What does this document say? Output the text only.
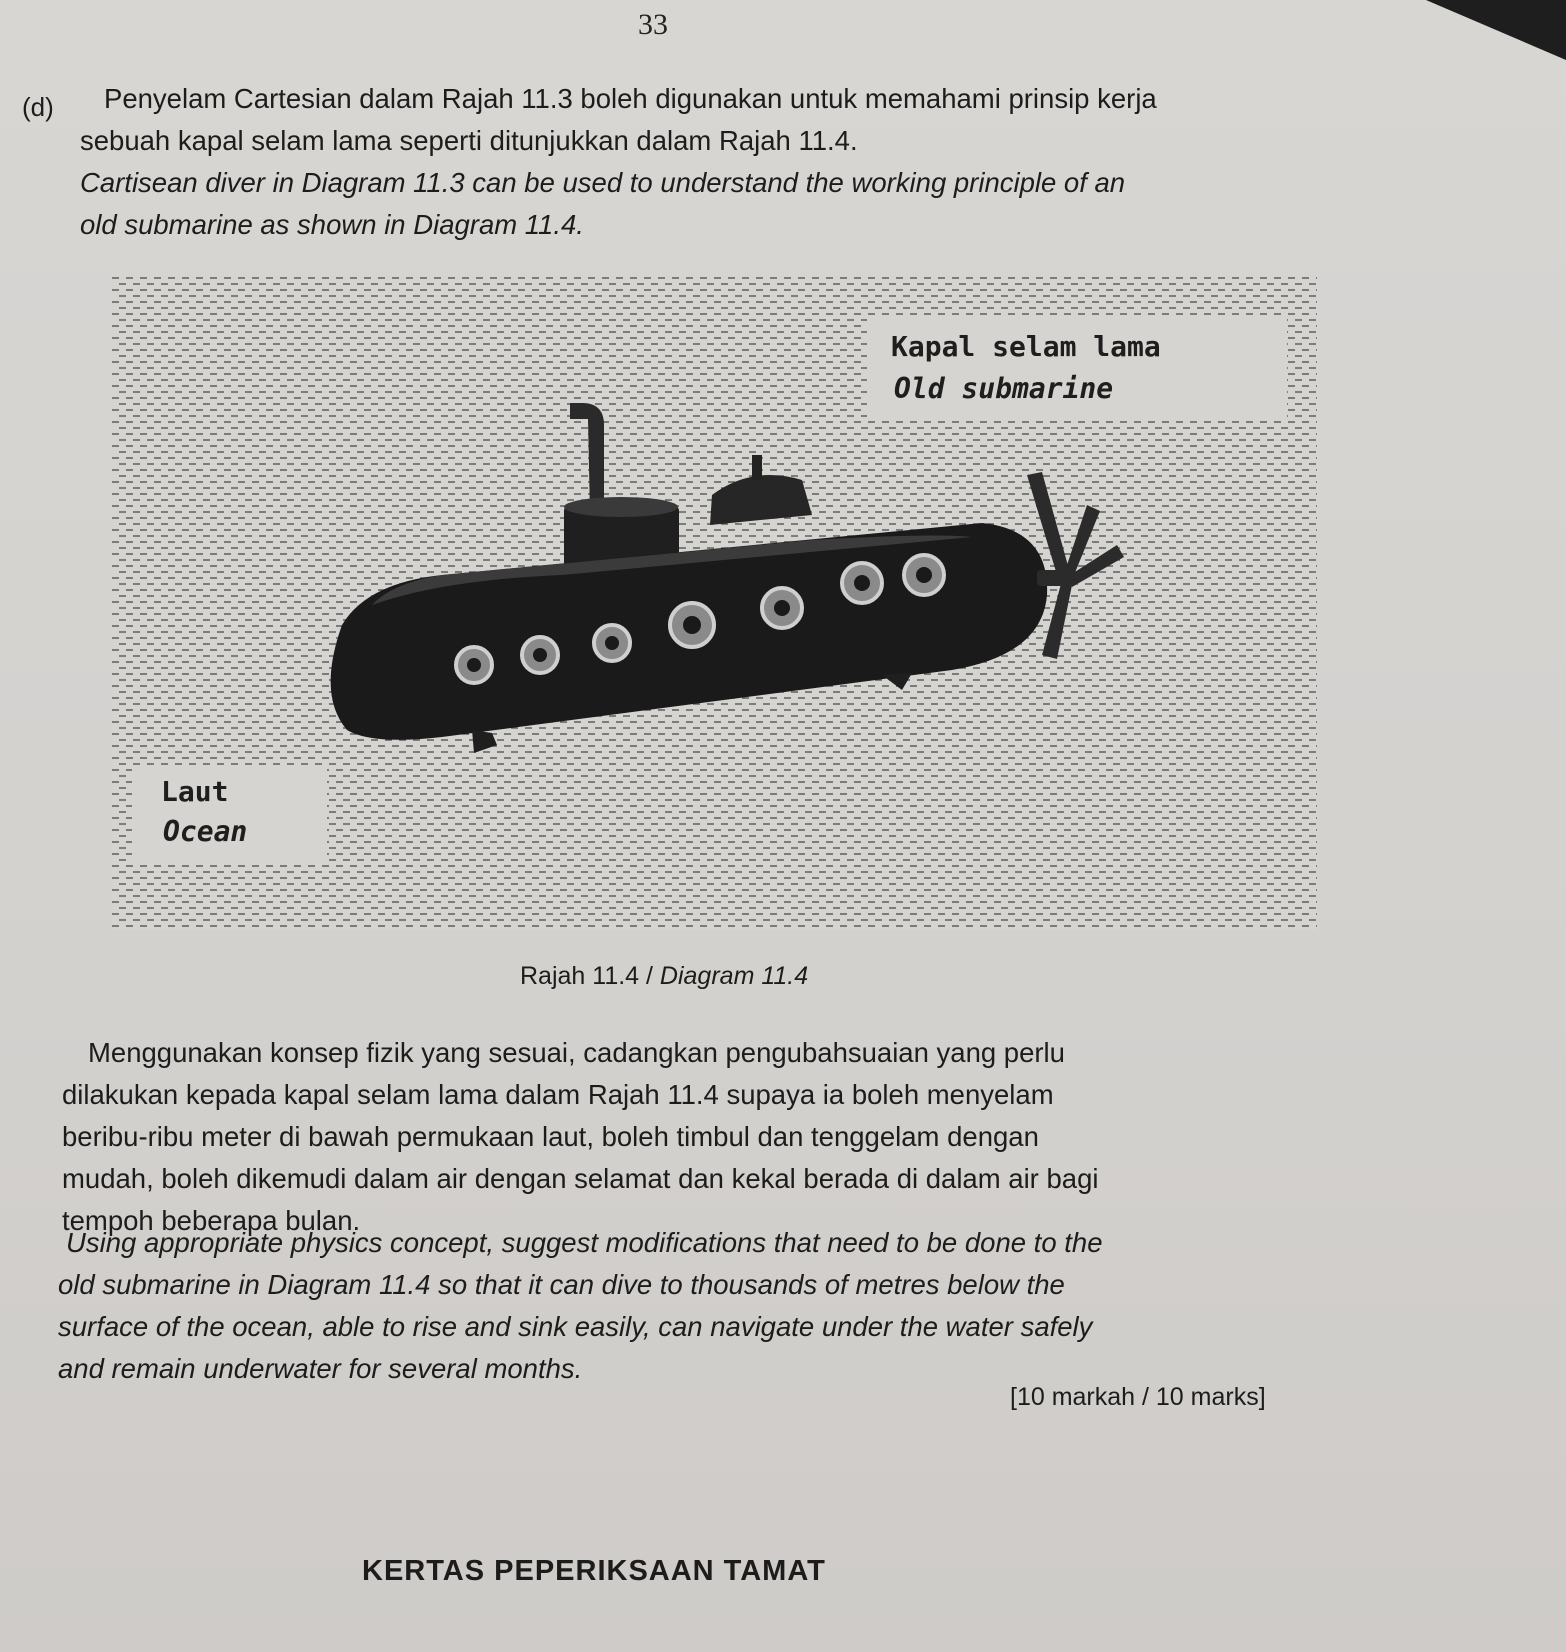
33
(d)	Penyelam Cartesian dalam Rajah 11.3 boleh digunakan untuk memahami prinsip kerja
sebuah kapal selam lama seperti ditunjukkan dalam Rajah 11.4.
Cartisean diver in Diagram 11.3 can be used to understand the working principle of an
old submarine as shown in Diagram 11.4.
Kapal selam lama
Old submarine
Laut
Ocean
Rajah 11.4 / Diagram 11.4
Menggunakan konsep fizik yang sesuai, cadangkan pengubahsuaian yang perlu
dilakukan kepada kapal selam lama dalam Rajah 11.4 supaya ia boleh menyelam
beribu-ribu meter di bawah permukaan laut, boleh timbul dan tenggelam dengan
mudah, boleh dikemudi dalam air dengan selamat dan kekal berada di dalam air bagi
tempoh beberapa bulan.
Using appropriate physics concept, suggest modifications that need to be done to the
old submarine in Diagram 11.4 so that it can dive to thousands of metres below the
surface of the ocean, able to rise and sink easily, can navigate under the water safely
and remain underwater for several months.
[10 markah / 10 marks]
KERTAS PEPERIKSAAN TAMAT
